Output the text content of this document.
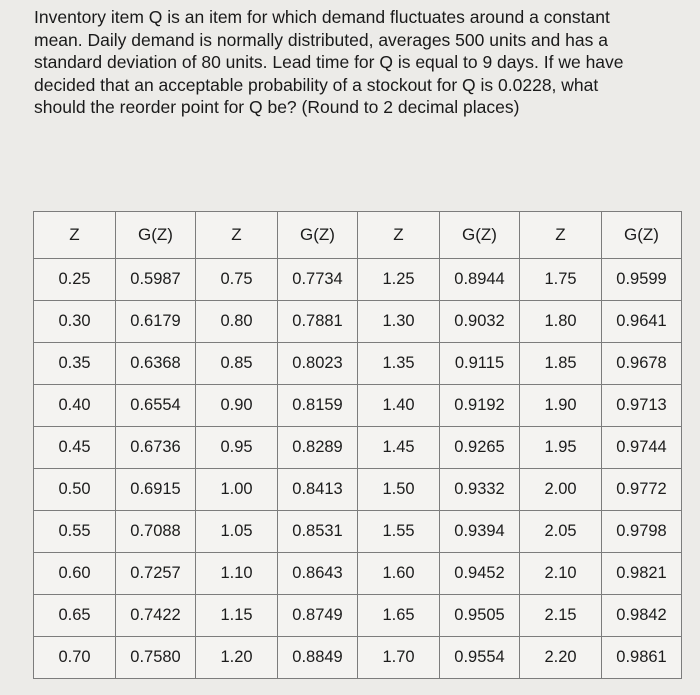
Inventory item Q is an item for which demand fluctuates around a constant
mean. Daily demand is normally distributed, averages 500 units and has a
standard deviation of 80 units. Lead time for Q is equal to 9 days. If we have
decided that an acceptable probability of a stockout for Q is 0.0228, what
should the reorder point for Q be? (Round to 2 decimal places)

Z	G(Z)	Z	G(Z)	Z	G(Z)	Z	G(Z)
0.25	0.5987	0.75	0.7734	1.25	0.8944	1.75	0.9599
0.30	0.6179	0.80	0.7881	1.30	0.9032	1.80	0.9641
0.35	0.6368	0.85	0.8023	1.35	0.9115	1.85	0.9678
0.40	0.6554	0.90	0.8159	1.40	0.9192	1.90	0.9713
0.45	0.6736	0.95	0.8289	1.45	0.9265	1.95	0.9744
0.50	0.6915	1.00	0.8413	1.50	0.9332	2.00	0.9772
0.55	0.7088	1.05	0.8531	1.55	0.9394	2.05	0.9798
0.60	0.7257	1.10	0.8643	1.60	0.9452	2.10	0.9821
0.65	0.7422	1.15	0.8749	1.65	0.9505	2.15	0.9842
0.70	0.7580	1.20	0.8849	1.70	0.9554	2.20	0.9861
